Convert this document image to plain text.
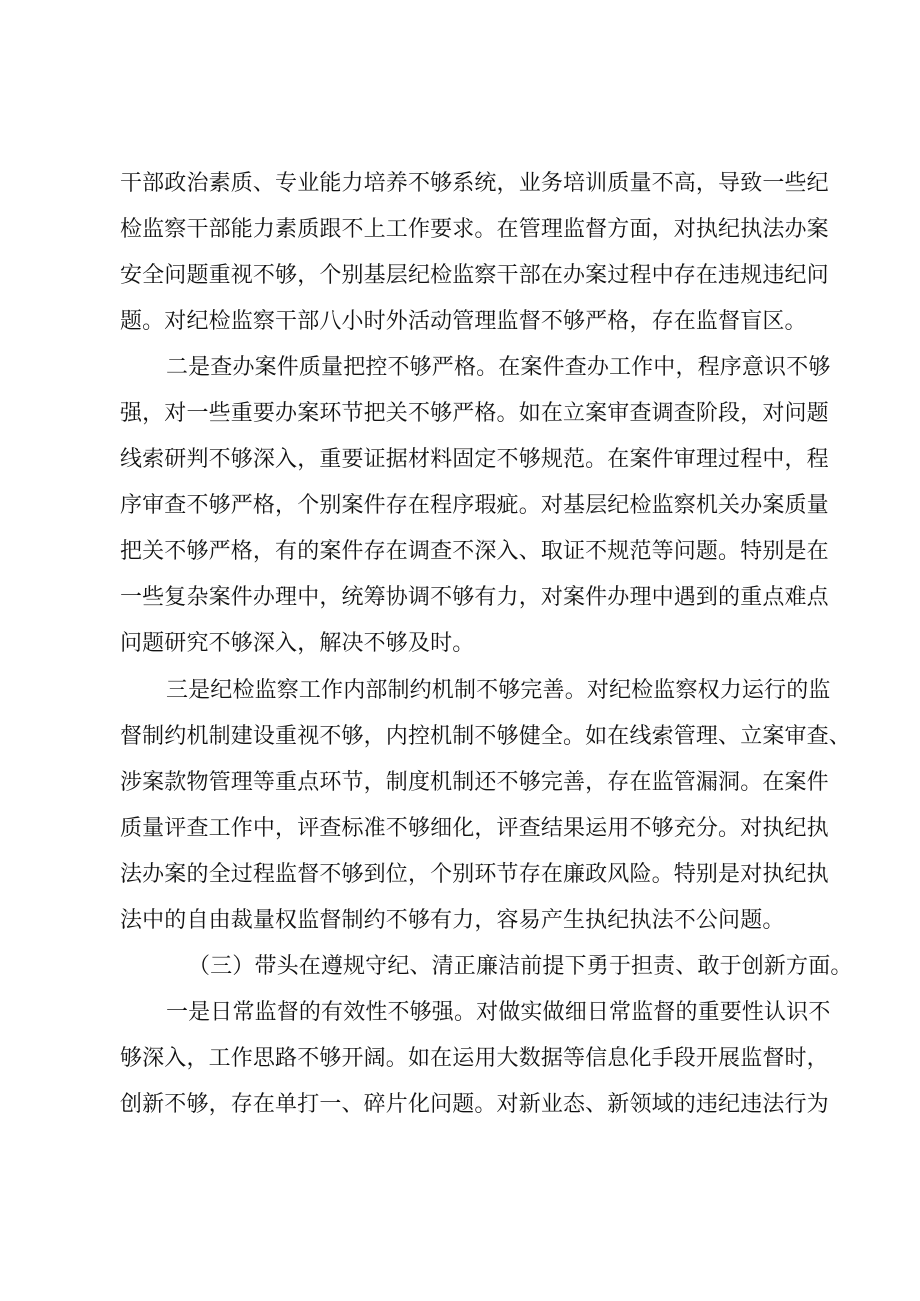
干部政治素质、专业能力培养不够系统，业务培训质量不高，导致一些纪
检监察干部能力素质跟不上工作要求。在管理监督方面，对执纪执法办案
安全问题重视不够，个别基层纪检监察干部在办案过程中存在违规违纪问
题。对纪检监察干部八小时外活动管理监督不够严格，存在监督盲区。
二是查办案件质量把控不够严格。在案件查办工作中，程序意识不够
强，对一些重要办案环节把关不够严格。如在立案审查调查阶段，对问题
线索研判不够深入，重要证据材料固定不够规范。在案件审理过程中，程
序审查不够严格，个别案件存在程序瑕疵。对基层纪检监察机关办案质量
把关不够严格，有的案件存在调查不深入、取证不规范等问题。特别是在
一些复杂案件办理中，统筹协调不够有力，对案件办理中遇到的重点难点
问题研究不够深入，解决不够及时。
三是纪检监察工作内部制约机制不够完善。对纪检监察权力运行的监
督制约机制建设重视不够，内控机制不够健全。如在线索管理、立案审查、
涉案款物管理等重点环节，制度机制还不够完善，存在监管漏洞。在案件
质量评查工作中，评查标准不够细化，评查结果运用不够充分。对执纪执
法办案的全过程监督不够到位，个别环节存在廉政风险。特别是对执纪执
法中的自由裁量权监督制约不够有力，容易产生执纪执法不公问题。
（三）带头在遵规守纪、清正廉洁前提下勇于担责、敢于创新方面。
一是日常监督的有效性不够强。对做实做细日常监督的重要性认识不
够深入，工作思路不够开阔。如在运用大数据等信息化手段开展监督时，
创新不够，存在单打一、碎片化问题。对新业态、新领域的违纪违法行为
